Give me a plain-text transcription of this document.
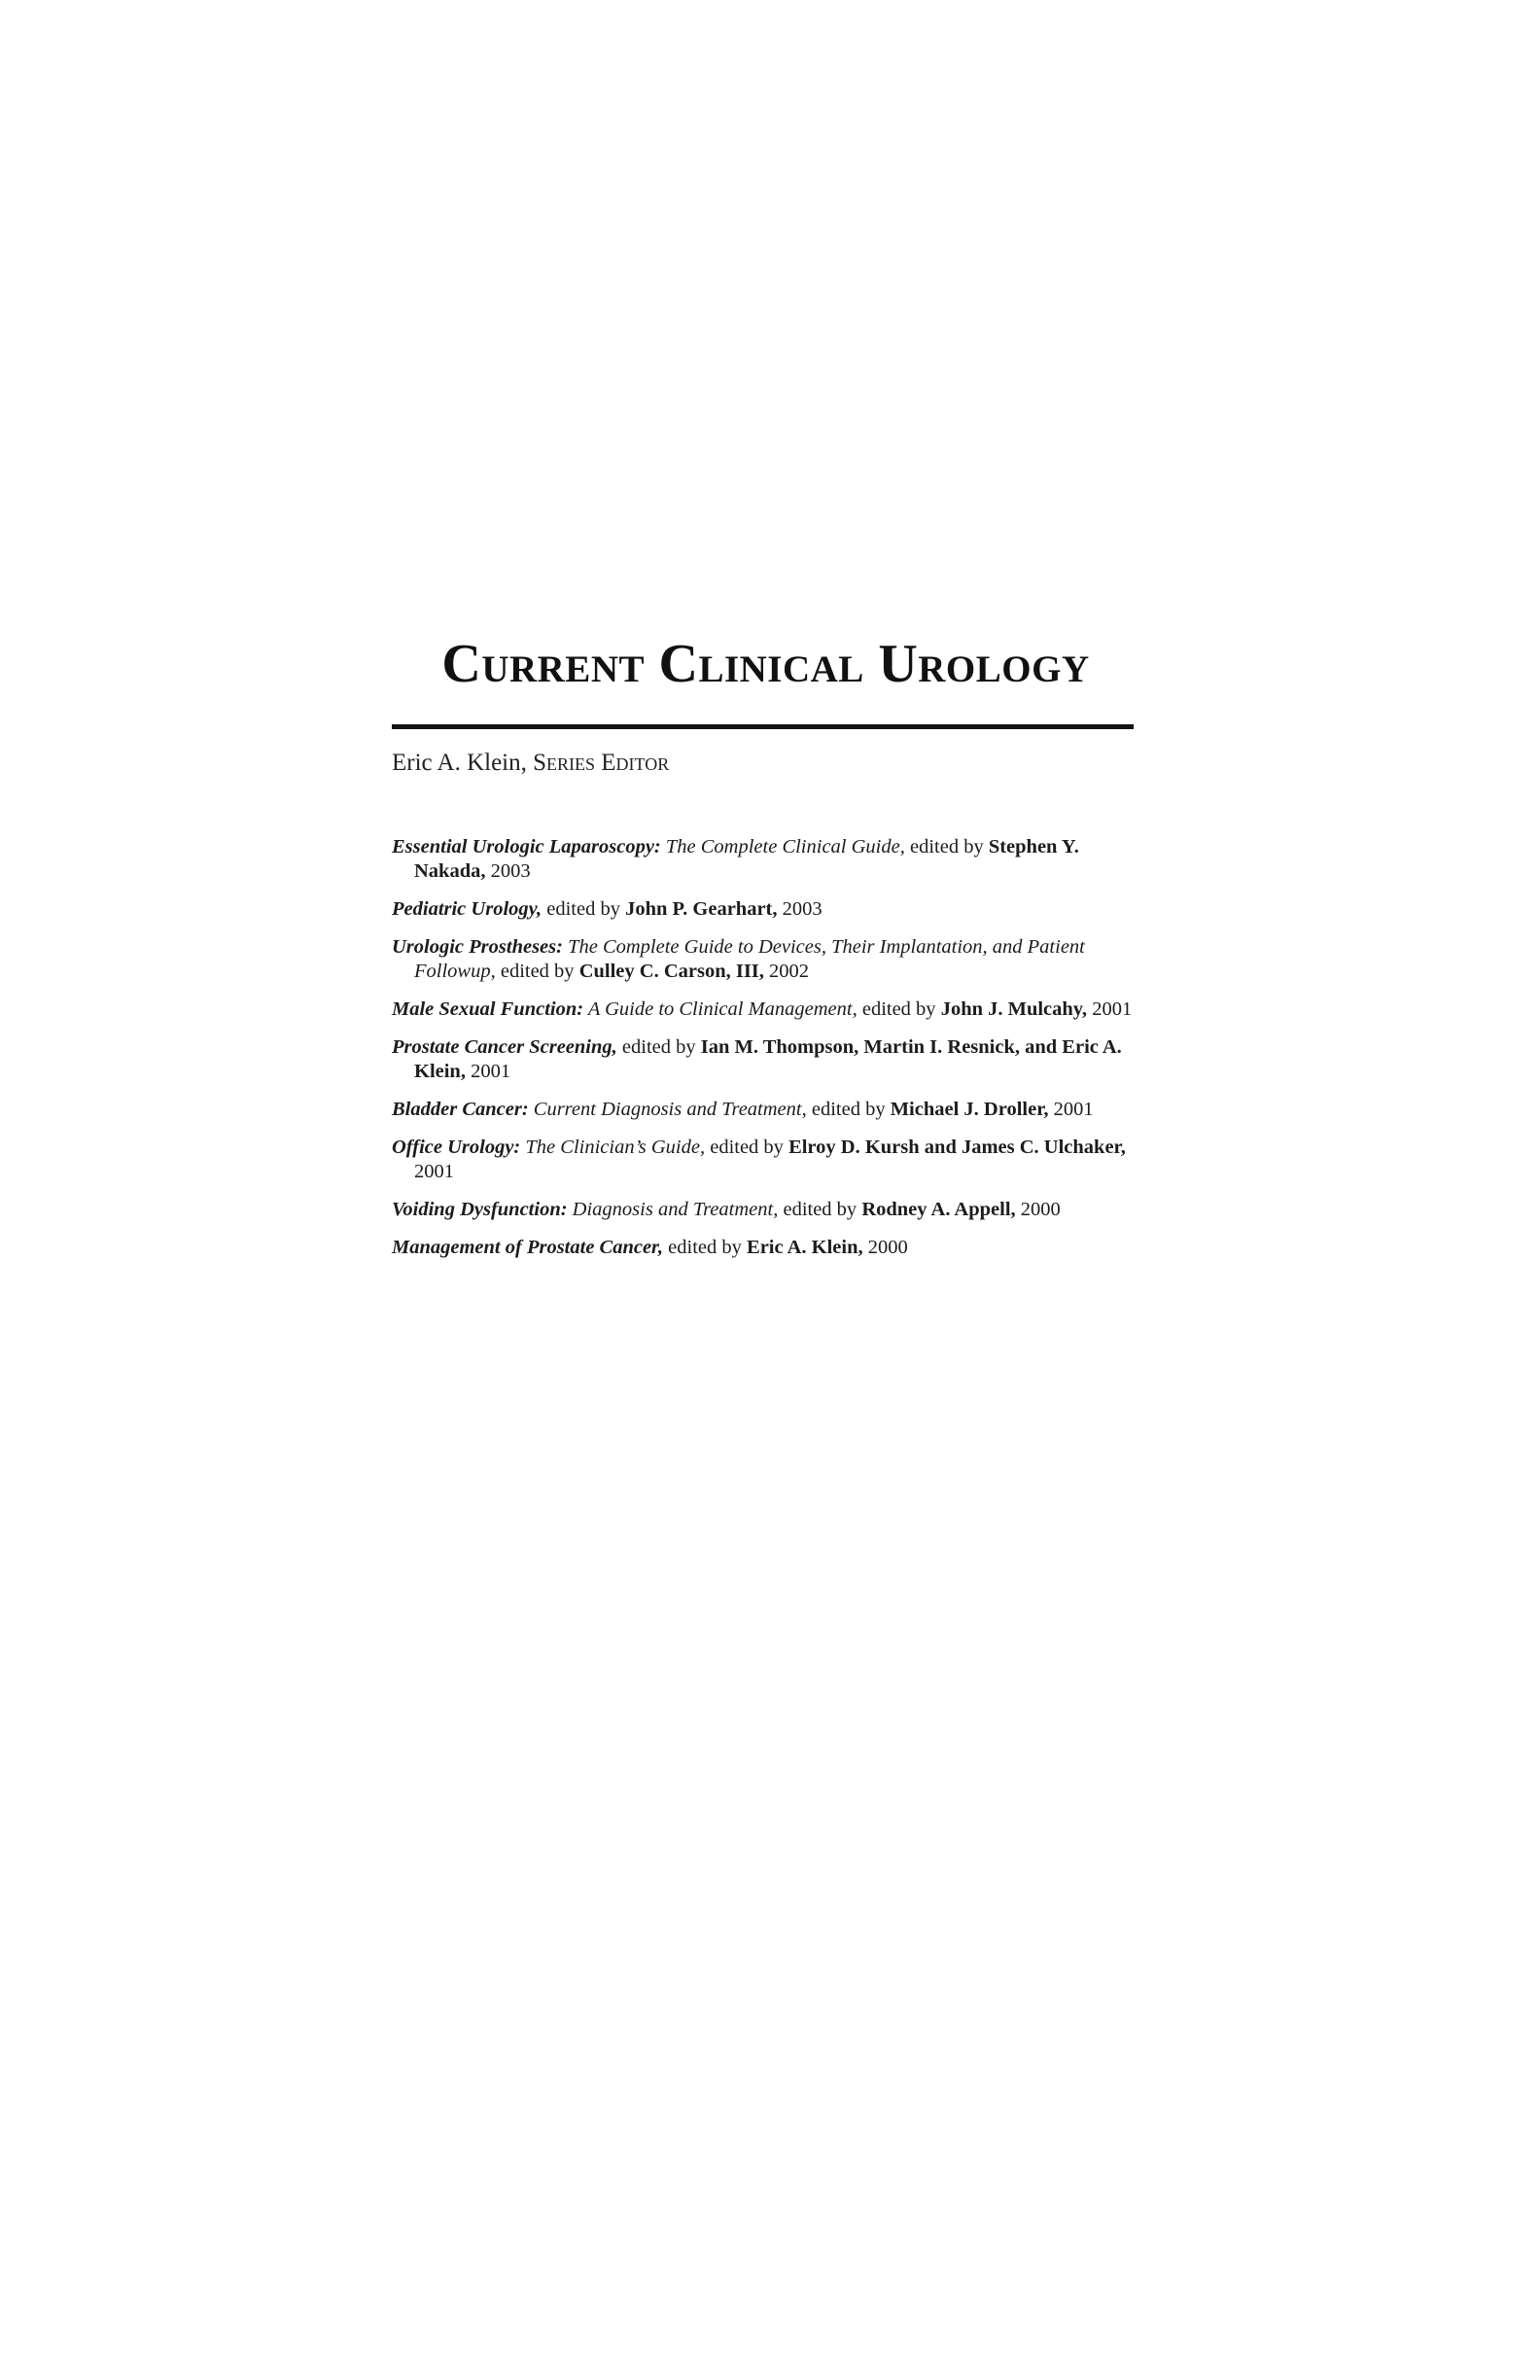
Current Clinical Urology
Eric A. Klein, Series Editor
Essential Urologic Laparoscopy: The Complete Clinical Guide, edited by Stephen Y. Nakada, 2003
Pediatric Urology, edited by John P. Gearhart, 2003
Urologic Prostheses: The Complete Guide to Devices, Their Implantation, and Patient Followup, edited by Culley C. Carson, III, 2002
Male Sexual Function: A Guide to Clinical Management, edited by John J. Mulcahy, 2001
Prostate Cancer Screening, edited by Ian M. Thompson, Martin I. Resnick, and Eric A. Klein, 2001
Bladder Cancer: Current Diagnosis and Treatment, edited by Michael J. Droller, 2001
Office Urology: The Clinician’s Guide, edited by Elroy D. Kursh and James C. Ulchaker, 2001
Voiding Dysfunction: Diagnosis and Treatment, edited by Rodney A. Appell, 2000
Management of Prostate Cancer, edited by Eric A. Klein, 2000
